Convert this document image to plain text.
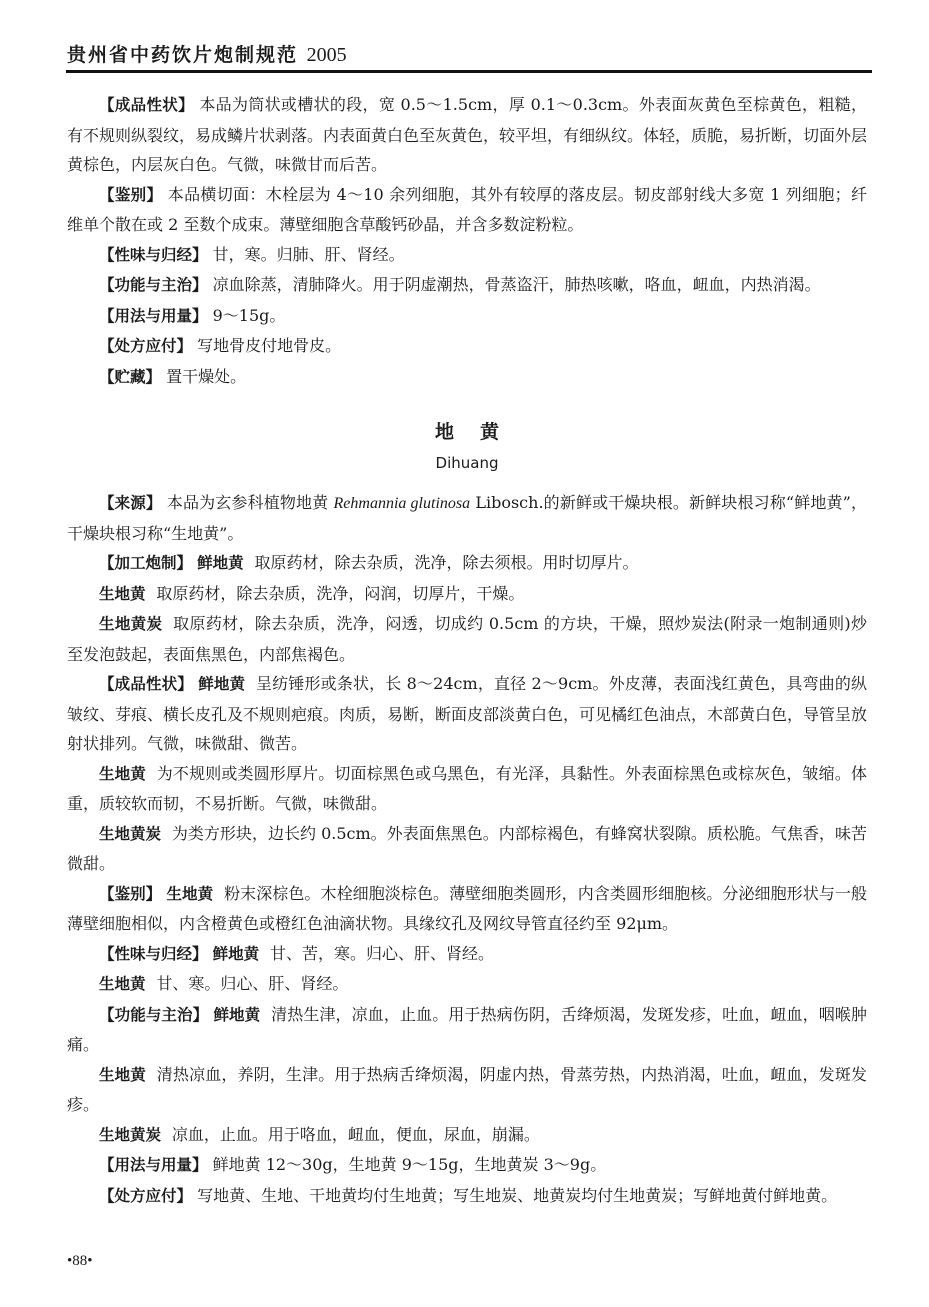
贵州省中药饮片炮制规范 2005

【成品性状】 本品为筒状或槽状的段，宽 0.5～1.5cm，厚 0.1～0.3cm。外表面灰黄色至棕黄色，粗糙，有不规则纵裂纹，易成鳞片状剥落。内表面黄白色至灰黄色，较平坦，有细纵纹。体轻，质脆，易折断，切面外层黄棕色，内层灰白色。气微，味微甘而后苦。

【鉴别】 本品横切面：木栓层为 4～10 余列细胞，其外有较厚的落皮层。韧皮部射线大多宽 1 列细胞；纤维单个散在或 2 至数个成束。薄壁细胞含草酸钙砂晶，并含多数淀粉粒。

【性味与归经】 甘，寒。归肺、肝、肾经。

【功能与主治】 凉血除蒸，清肺降火。用于阴虚潮热，骨蒸盗汗，肺热咳嗽，咯血，衄血，内热消渴。

【用法与用量】 9～15g。

【处方应付】 写地骨皮付地骨皮。

【贮藏】 置干燥处。

地黄
Dihuang

【来源】 本品为玄参科植物地黄 Rehmannia glutinosa Libosch.的新鲜或干燥块根。新鲜块根习称“鲜地黄”，干燥块根习称“生地黄”。

【加工炮制】 鲜地黄 取原药材，除去杂质，洗净，除去须根。用时切厚片。

生地黄 取原药材，除去杂质，洗净，闷润，切厚片，干燥。

生地黄炭 取原药材，除去杂质，洗净，闷透，切成约 0.5cm 的方块，干燥，照炒炭法(附录一炮制通则)炒至发泡鼓起，表面焦黑色，内部焦褐色。

【成品性状】 鲜地黄 呈纺锤形或条状，长 8～24cm，直径 2～9cm。外皮薄，表面浅红黄色，具弯曲的纵皱纹、芽痕、横长皮孔及不规则疤痕。肉质，易断，断面皮部淡黄白色，可见橘红色油点，木部黄白色，导管呈放射状排列。气微，味微甜、微苦。

生地黄 为不规则或类圆形厚片。切面棕黑色或乌黑色，有光泽，具黏性。外表面棕黑色或棕灰色，皱缩。体重，质较软而韧，不易折断。气微，味微甜。

生地黄炭 为类方形块，边长约 0.5cm。外表面焦黑色。内部棕褐色，有蜂窝状裂隙。质松脆。气焦香，味苦微甜。

【鉴别】 生地黄 粉末深棕色。木栓细胞淡棕色。薄壁细胞类圆形，内含类圆形细胞核。分泌细胞形状与一般薄壁细胞相似，内含橙黄色或橙红色油滴状物。具缘纹孔及网纹导管直径约至 92μm。

【性味与归经】 鲜地黄 甘、苦，寒。归心、肝、肾经。

生地黄 甘、寒。归心、肝、肾经。

【功能与主治】 鲜地黄 清热生津，凉血，止血。用于热病伤阴，舌绛烦渴，发斑发疹，吐血，衄血，咽喉肿痛。

生地黄 清热凉血，养阴，生津。用于热病舌绛烦渴，阴虚内热，骨蒸劳热，内热消渴，吐血，衄血，发斑发疹。

生地黄炭 凉血，止血。用于咯血，衄血，便血，尿血，崩漏。

【用法与用量】 鲜地黄 12～30g，生地黄 9～15g，生地黄炭 3～9g。

【处方应付】 写地黄、生地、干地黄均付生地黄；写生地炭、地黄炭均付生地黄炭；写鲜地黄付鲜地黄。

•88•
